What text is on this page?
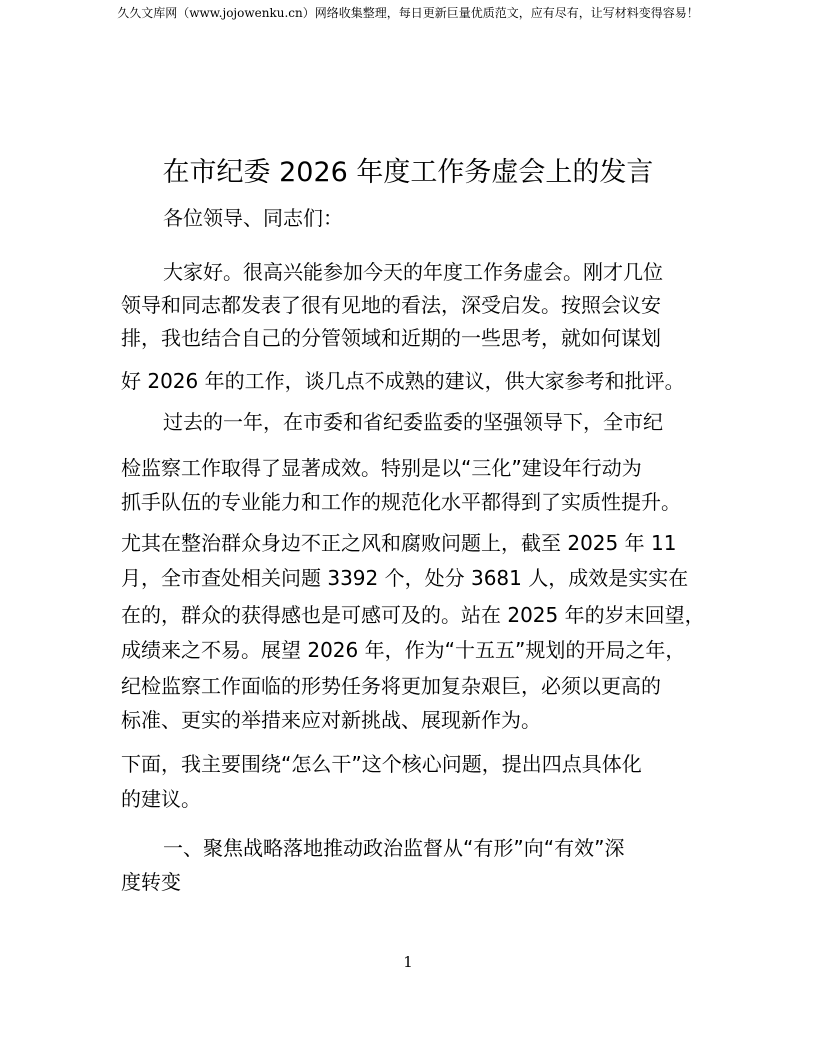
久久文库网（www.jojowenku.cn）网络收集整理，每日更新巨量优质范文，应有尽有，让写材料变得容易！
在市纪委 2026 年度工作务虚会上的发言
各位领导、同志们：
大家好。很高兴能参加今天的年度工作务虚会。刚才几位
领导和同志都发表了很有见地的看法，深受启发。按照会议安
排，我也结合自己的分管领域和近期的一些思考，就如何谋划
好 2026 年的工作，谈几点不成熟的建议，供大家参考和批评。
过去的一年，在市委和省纪委监委的坚强领导下，全市纪
检监察工作取得了显著成效。特别是以“三化”建设年行动为
抓手队伍的专业能力和工作的规范化水平都得到了实质性提升。
尤其在整治群众身边不正之风和腐败问题上，截至 2025 年 11
月，全市查处相关问题 3392 个，处分 3681 人，成效是实实在
在的，群众的获得感也是可感可及的。站在 2025 年的岁末回望，
成绩来之不易。展望 2026 年，作为“十五五”规划的开局之年，
纪检监察工作面临的形势任务将更加复杂艰巨，必须以更高的
标准、更实的举措来应对新挑战、展现新作为。
下面，我主要围绕“怎么干”这个核心问题，提出四点具体化
的建议。
一、聚焦战略落地推动政治监督从“有形”向“有效”深
度转变
1
